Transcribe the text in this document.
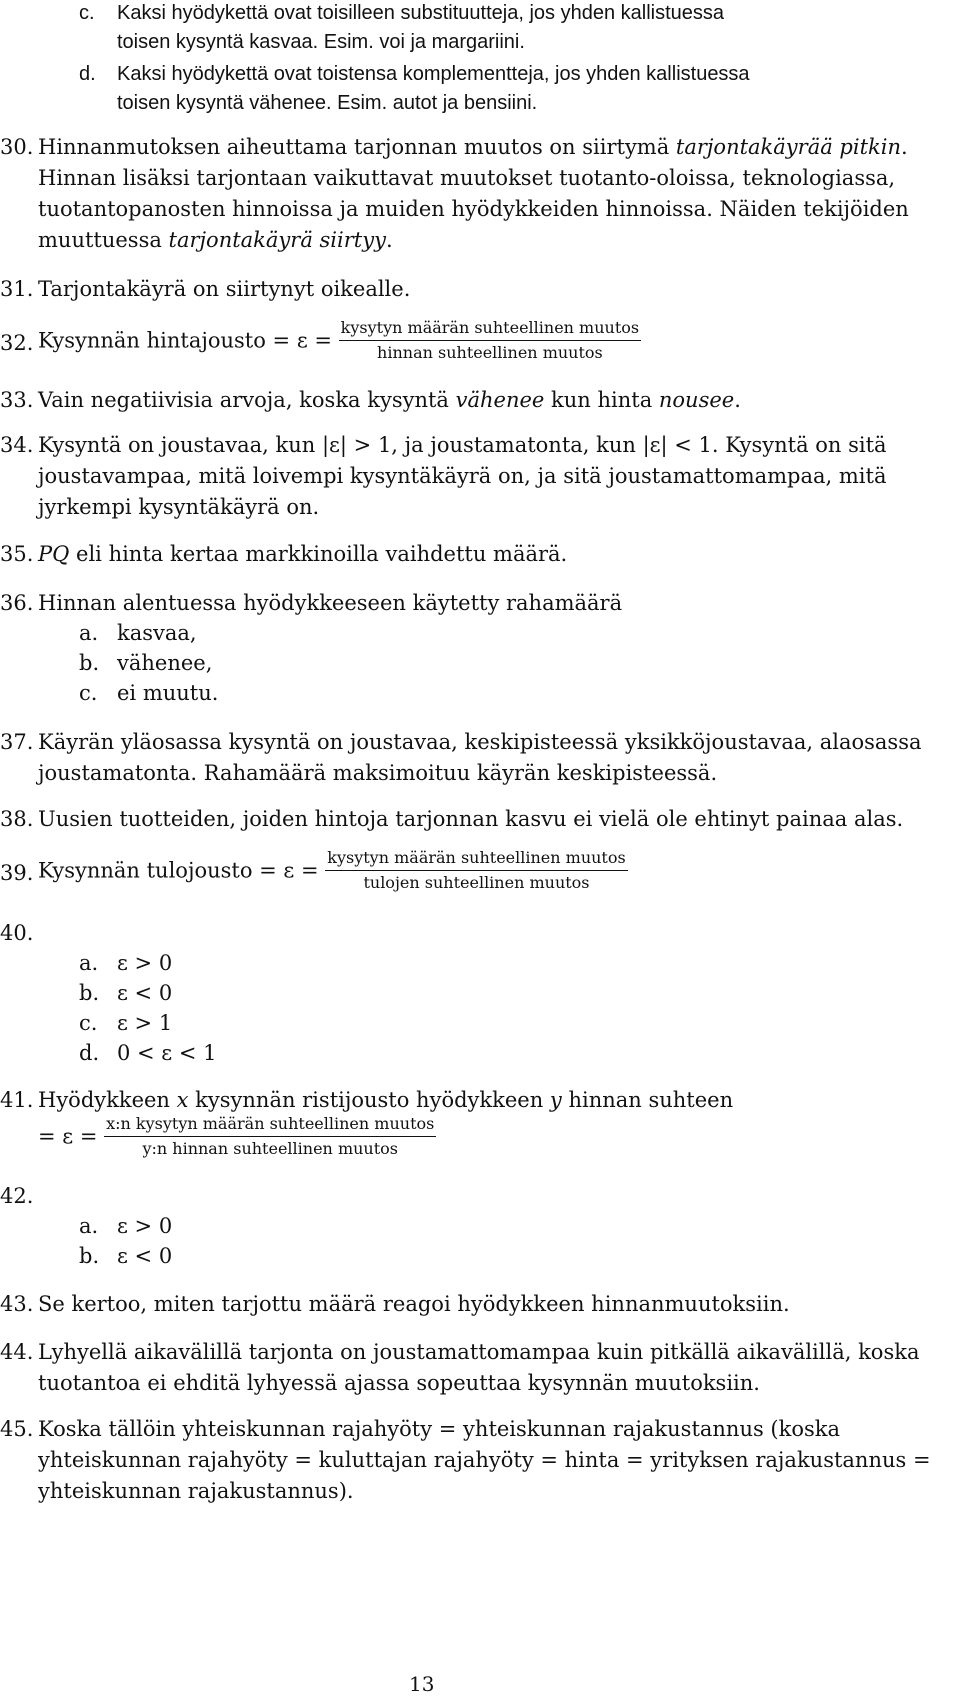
c. Kaksi hyödykettä ovat toisilleen substituutteja, jos yhden kallistuessa
toisen kysyntä kasvaa. Esim. voi ja margariini.
d. Kaksi hyödykettä ovat toistensa komplementteja, jos yhden kallistuessa
toisen kysyntä vähenee. Esim. autot ja bensiini.
30. Hinnanmutoksen aiheuttama tarjonnan muutos on siirtymä tarjontakäyrää pitkin.
Hinnan lisäksi tarjontaan vaikuttavat muutokset tuotanto-oloissa, teknologiassa,
tuotantopanosten hinnoissa ja muiden hyödykkeiden hinnoissa. Näiden tekijöiden
muuttuessa tarjontakäyrä siirtyy.
31. Tarjontakäyrä on siirtynyt oikealle.
32. Kysynnän hintajousto = $\varepsilon = \frac{\text{kysytyn määrän suhteellinen muutos}}{\text{hinnan suhteellinen muutos}}$
33. Vain negatiivisia arvoja, koska kysyntä vähenee kun hinta nousee.
34. Kysyntä on joustavaa, kun |ε| > 1, ja joustamatonta, kun |ε| < 1. Kysyntä on sitä
joustavampaa, mitä loivempi kysyntäkäyrä on, ja sitä joustamattomampaa, mitä
jyrkempi kysyntäkäyrä on.
35. PQ eli hinta kertaa markkinoilla vaihdettu määrä.
36. Hinnan alentuessa hyödykkeeseen käytetty rahamäärä
a. kasvaa,
b. vähenee,
c. ei muutu.
37. Käyrän yläosassa kysyntä on joustavaa, keskipisteessä yksikköjoustavaa, alaosassa
joustamatonta. Rahamäärä maksimoituu käyrän keskipisteessä.
38. Uusien tuotteiden, joiden hintoja tarjonnan kasvu ei vielä ole ehtinyt painaa alas.
39. Kysynnän tulojousto = $\varepsilon = \frac{\text{kysytyn määrän suhteellinen muutos}}{\text{tulojen suhteellinen muutos}}$
40.
a. ε > 0
b. ε < 0
c. ε > 1
d. 0 < ε < 1
41. Hyödykkeen x kysynnän ristijousto hyödykkeen y hinnan suhteen
= $\varepsilon = \frac{\text{x:n kysytyn määrän suhteellinen muutos}}{\text{y:n hinnan suhteellinen muutos}}$
42.
a. ε > 0
b. ε < 0
43. Se kertoo, miten tarjottu määrä reagoi hyödykkeen hinnanmuutoksiin.
44. Lyhyellä aikavälillä tarjonta on joustamattomampaa kuin pitkällä aikavälillä, koska
tuotantoa ei ehditä lyhyessä ajassa sopeuttaa kysynnän muutoksiin.
45. Koska tällöin yhteiskunnan rajahyöty = yhteiskunnan rajakustannus (koska
yhteiskunnan rajahyöty = kuluttajan rajahyöty = hinta = yrityksen rajakustannus =
yhteiskunnan rajakustannus).
13
